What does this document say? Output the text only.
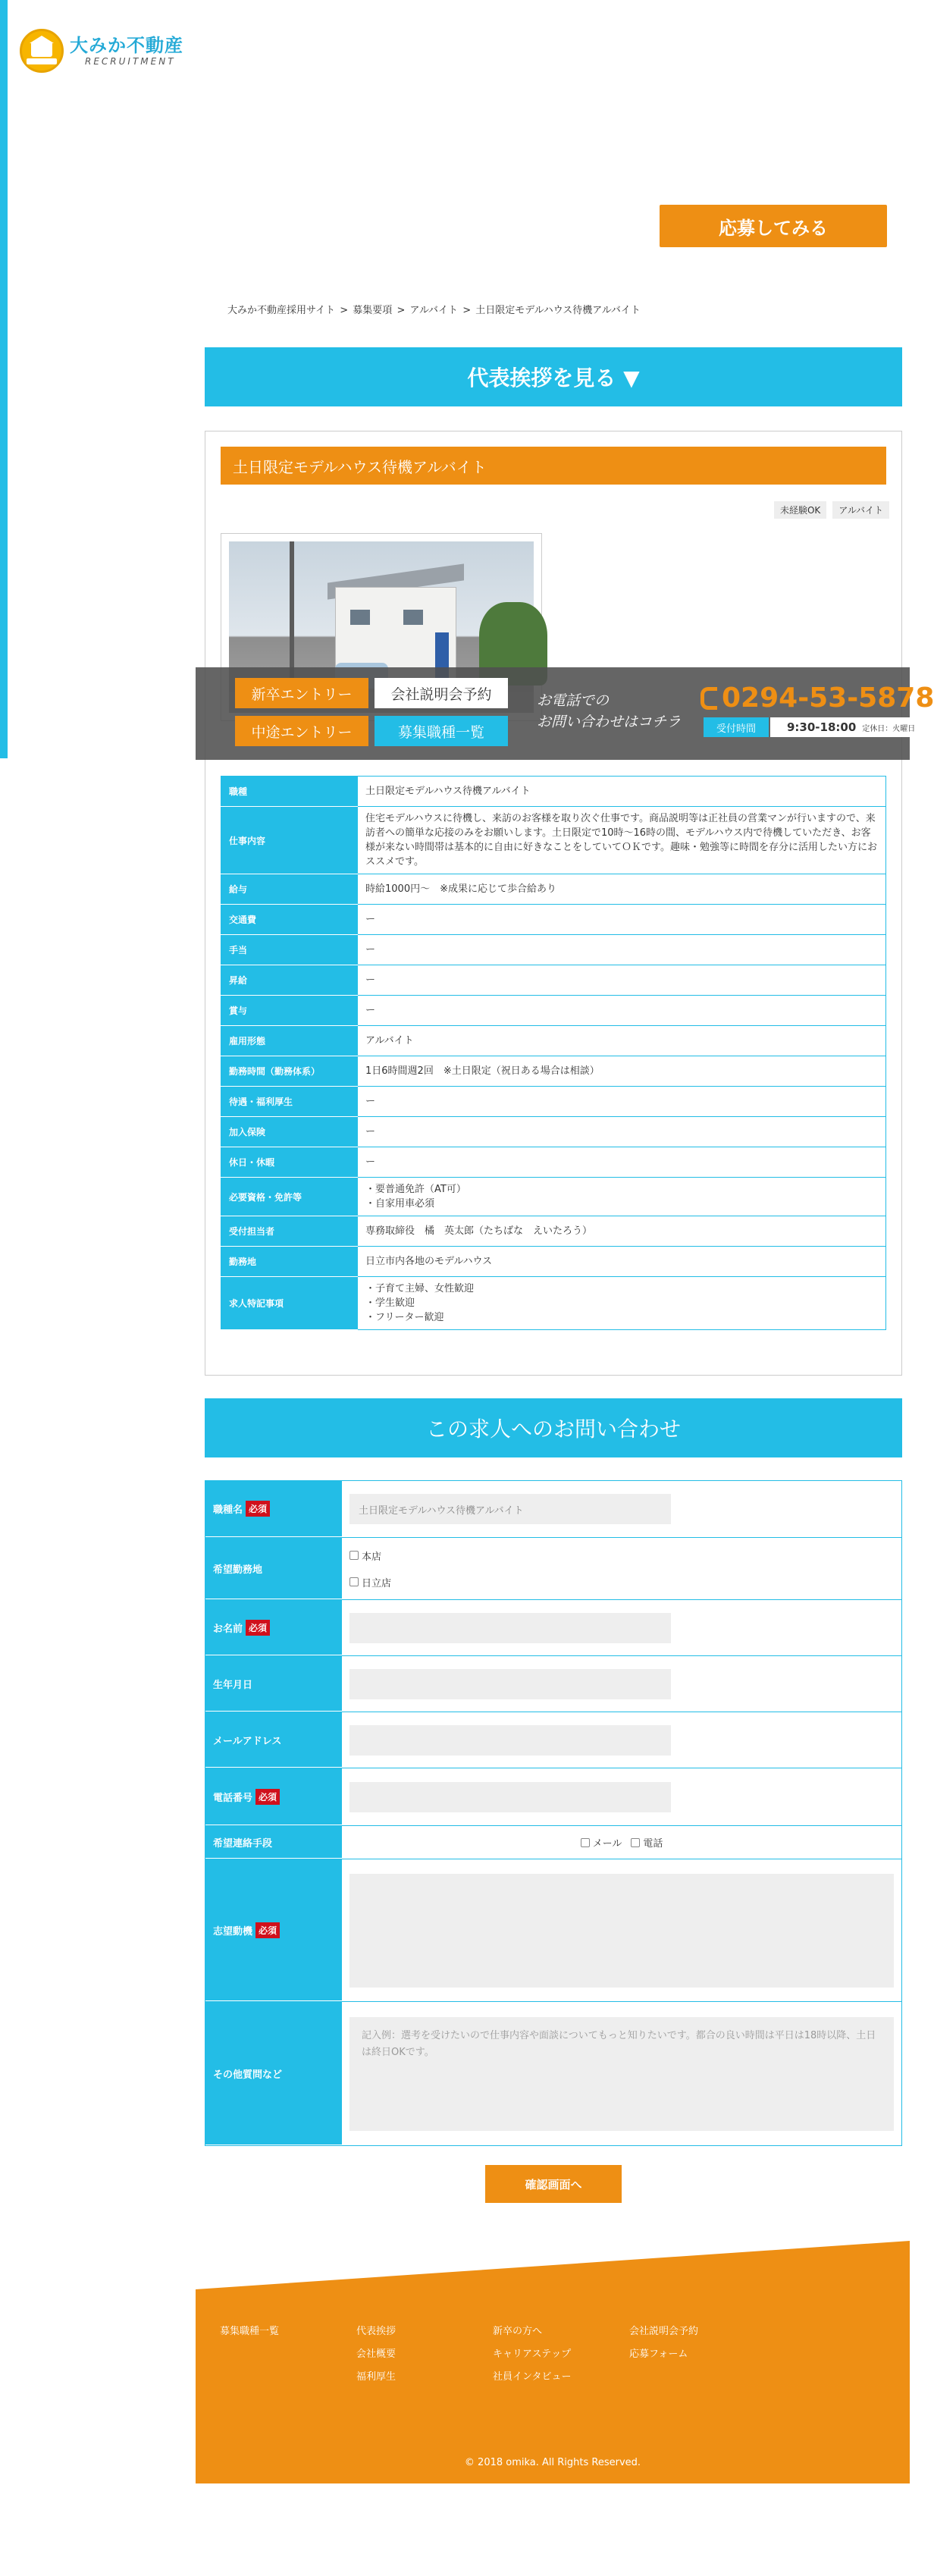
大みか不動産
RECRUITMENT
応募してみる
大みか不動産採用サイト > 募集要項 > アルバイト > 土日限定モデルハウス待機アルバイト
代表挨拶を見る ▼
土日限定モデルハウス待機アルバイト
未経験OK	アルバイト
職種	土日限定モデルハウス待機アルバイト
仕事内容	住宅モデルハウスに待機し、来訪のお客様を取り次ぐ仕事です。商品説明等は正社員の営業マンが行いますので、来訪者への簡単な応接のみをお願いします。土日限定で10時〜16時の間、モデルハウス内で待機していただき、お客様が来ない時間帯は基本的に自由に好きなことをしていてＯＫです。趣味・勉強等に時間を存分に活用したい方におススメです。
給与	時給1000円〜　※成果に応じて歩合給あり
交通費	ー
手当	ー
昇給	ー
賞与	ー
雇用形態	アルバイト
勤務時間（勤務体系）	1日6時間週2回　※土日限定（祝日ある場合は相談）
待遇・福利厚生	ー
加入保険	ー
休日・休暇	ー
必要資格・免許等	・要普通免許（AT可）
・自家用車必須
受付担当者	専務取締役　橘　英太郎（たちばな　えいたろう）
勤務地	日立市内各地のモデルハウス
求人特記事項	・子育て主婦、女性歓迎
・学生歓迎
・フリーター歓迎
新卒エントリー	会社説明会予約
中途エントリー	募集職種一覧
お電話での
お問い合わせはコチラ
0294-53-5878
受付時間	9:30-18:00 定休日：火曜日
この求人へのお問い合わせ
職種名 必須	土日限定モデルハウス待機アルバイト
希望勤務地
本店
日立店
お名前 必須
生年月日
メールアドレス
電話番号 必須
希望連絡手段	メール 電話
志望動機 必須
その他質問など
記入例：選考を受けたいので仕事内容や面談についてもっと知りたいです。都合の良い時間は平日は18時以降、土日は終日OKです。
確認画面へ
募集職種一覧	代表挨拶
会社概要
福利厚生
新卒の方へ
キャリアステップ
社員インタビュー
会社説明会予約
応募フォーム
© 2018 omika. All Rights Reserved.
